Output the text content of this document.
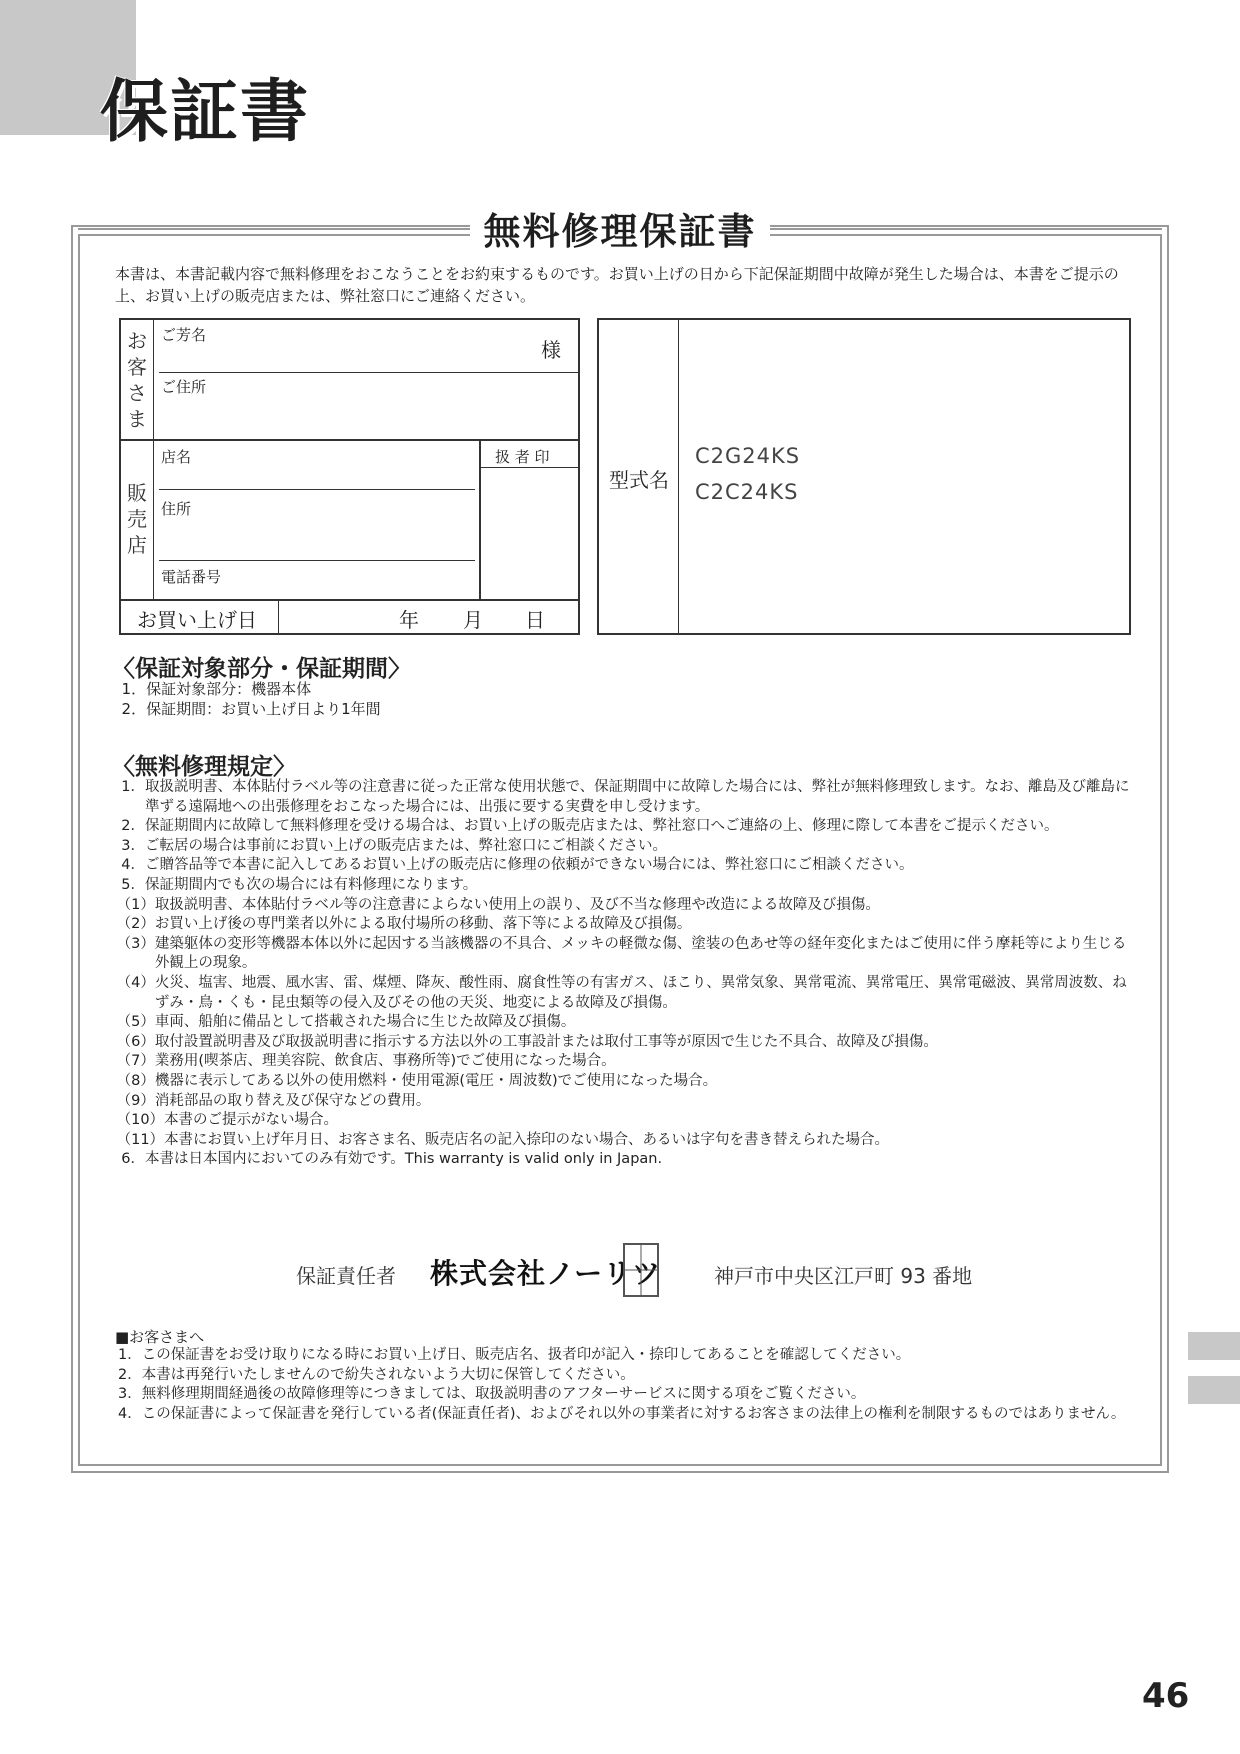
保証書
無料修理保証書
本書は、本書記載内容で無料修理をおこなうことをお約束するものです。お買い上げの日から下記保証期間中故障が発生した場合は、本書をご提示の上、お買い上げの販売店または、弊社窓口にご連絡ください。
お客さま
ご芳名
様
ご住所
販売店
店名	扱 者 印
住所
電話番号
お買い上げ日	年 月 日
型式名
C2G24KS
C2C24KS
〈保証対象部分・保証期間〉
1． 保証対象部分：機器本体
2． 保証期間：お買い上げ日より1年間
〈無料修理規定〉
1． 取扱説明書、本体貼付ラベル等の注意書に従った正常な使用状態で、保証期間中に故障した場合には、弊社が無料修理致します。なお、離島及び離島に準ずる遠隔地への出張修理をおこなった場合には、出張に要する実費を申し受けます。
2． 保証期間内に故障して無料修理を受ける場合は、お買い上げの販売店または、弊社窓口へご連絡の上、修理に際して本書をご提示ください。
3． ご転居の場合は事前にお買い上げの販売店または、弊社窓口にご相談ください。
4． ご贈答品等で本書に記入してあるお買い上げの販売店に修理の依頼ができない場合には、弊社窓口にご相談ください。
5． 保証期間内でも次の場合には有料修理になります。
（1） 取扱説明書、本体貼付ラベル等の注意書によらない使用上の誤り、及び不当な修理や改造による故障及び損傷。
（2） お買い上げ後の専門業者以外による取付場所の移動、落下等による故障及び損傷。
（3） 建築躯体の変形等機器本体以外に起因する当該機器の不具合、メッキの軽微な傷、塗装の色あせ等の経年変化またはご使用に伴う摩耗等により生じる外観上の現象。
（4） 火災、塩害、地震、風水害、雷、煤煙、降灰、酸性雨、腐食性等の有害ガス、ほこり、異常気象、異常電流、異常電圧、異常電磁波、異常周波数、ねずみ・鳥・くも・昆虫類等の侵入及びその他の天災、地変による故障及び損傷。
（5） 車両、船舶に備品として搭載された場合に生じた故障及び損傷。
（6） 取付設置説明書及び取扱説明書に指示する方法以外の工事設計または取付工事等が原因で生じた不具合、故障及び損傷。
（7） 業務用(喫茶店、理美容院、飲食店、事務所等)でご使用になった場合。
（8） 機器に表示してある以外の使用燃料・使用電源(電圧・周波数)でご使用になった場合。
（9） 消耗部品の取り替え及び保守などの費用。
（10） 本書のご提示がない場合。
（11） 本書にお買い上げ年月日、お客さま名、販売店名の記入捺印のない場合、あるいは字句を書き替えられた場合。
6． 本書は日本国内においてのみ有効です。This warranty is valid only in Japan.
保証責任者 株式会社ノーリツ	神戸市中央区江戸町 93 番地
■お客さまへ
1． この保証書をお受け取りになる時にお買い上げ日、販売店名、扱者印が記入・捺印してあることを確認してください。
2． 本書は再発行いたしませんので紛失されないよう大切に保管してください。
3． 無料修理期間経過後の故障修理等につきましては、取扱説明書のアフターサービスに関する項をご覧ください。
4． この保証書によって保証書を発行している者(保証責任者)、およびそれ以外の事業者に対するお客さまの法律上の権利を制限するものではありません。
46
